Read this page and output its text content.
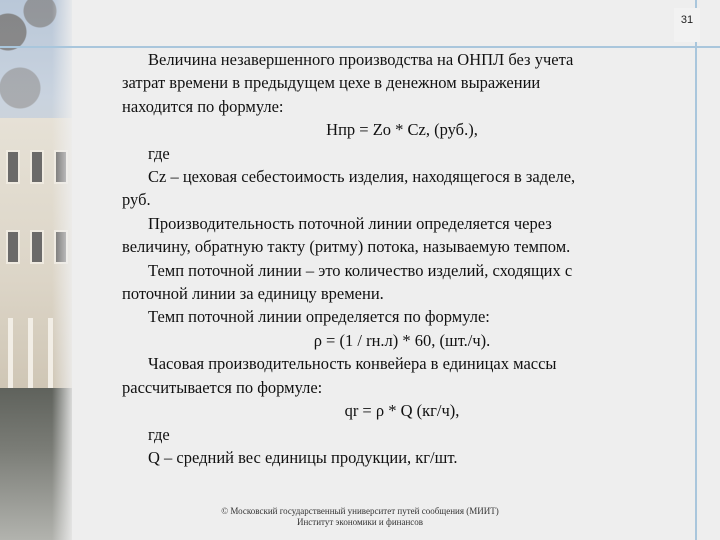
31

Величина незавершенного производства на ОНПЛ без учета

затрат времени в предыдущем цехе в денежном выражении

находится по формуле:

Нпр = Zо * Сz, (руб.),

где

Сz – цеховая себестоимость изделия, находящегося в заделе,

руб.

Производительность поточной линии определяется через

величину, обратную такту (ритму) потока, называемую темпом.

Темп поточной линии – это количество изделий, сходящих с

поточной линии за единицу времени.

Темп поточной линии определяется по формуле:

ρ = (1 / rн.л) * 60, (шт./ч).

Часовая производительность конвейера в единицах массы

рассчитывается по формуле:

qr = ρ * Q (кг/ч),

где

Q – средний вес единицы продукции, кг/шт.

© Московский государственный университет путей сообщения (МИИТ)
Институт экономики и финансов
